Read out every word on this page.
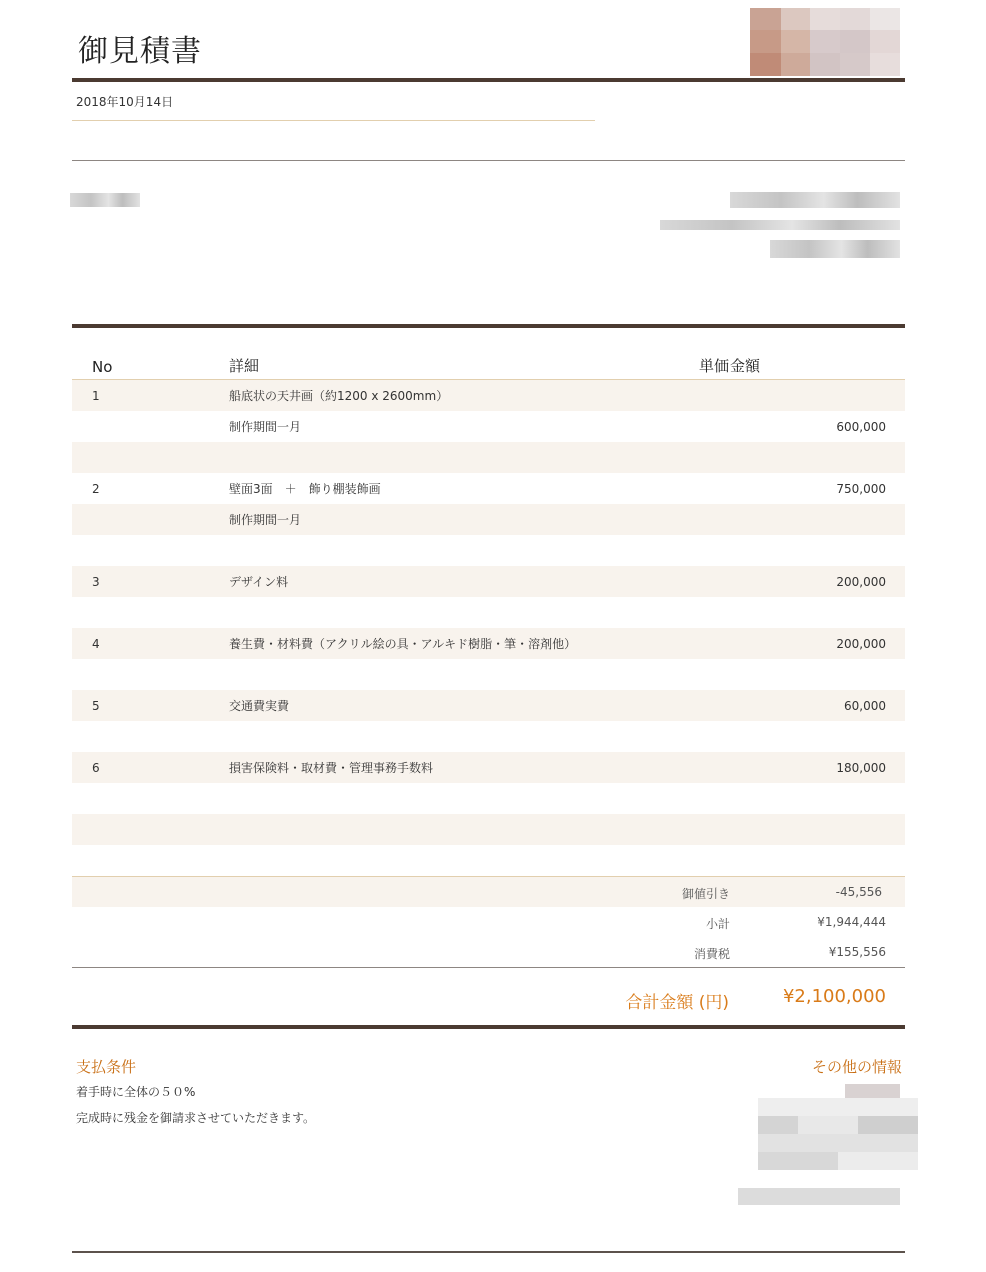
御見積書
2018年10月14日
No	詳細	単価	金額
1	船底状の天井画（約1200 x 2600mm）		
	制作期間一月		600,000

2	壁面3面　＋　飾り棚装飾画		750,000
	制作期間一月		

3	デザイン料		200,000

4	養生費・材料費（アクリル絵の具・アルキド樹脂・筆・溶剤他）		200,000

5	交通費実費		60,000

6	損害保険料・取材費・管理事務手数料		180,000

御値引き	-45,556
小計	¥1,944,444
消費税	¥155,556
合計金額 (円)	¥2,100,000
支払条件
着手時に全体の５０%
完成時に残金を御請求させていただきます。
その他の情報
